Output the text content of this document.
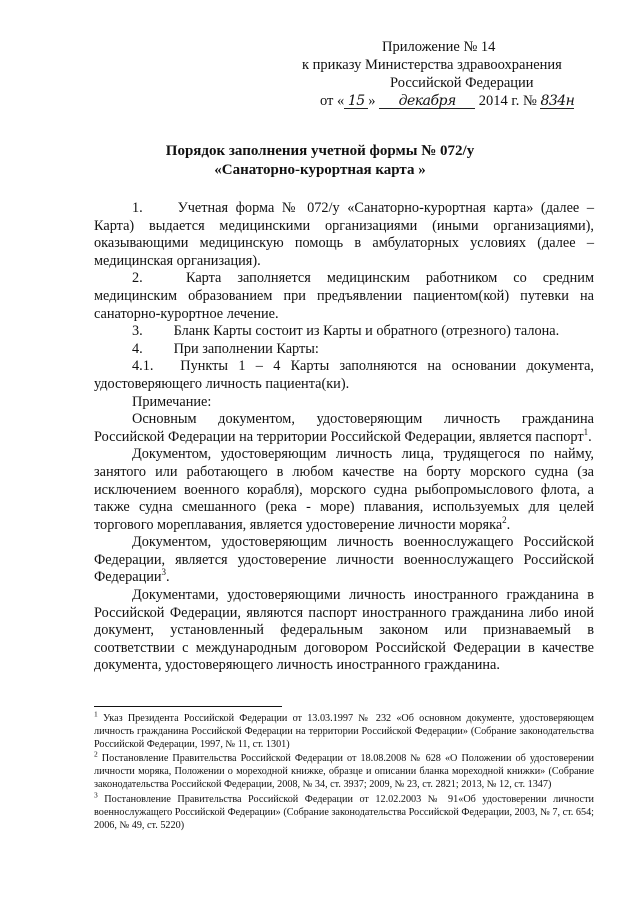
Приложение № 14
к приказу Министерства здравоохранения
Российской Федерации
от « 15 » декабря 2014 г. № 834н
Порядок заполнения учетной формы № 072/у
«Санаторно-курортная карта »

1. Учетная форма № 072/у «Санаторно-курортная карта» (далее – Карта) выдается медицинскими организациями (иными организациями), оказывающими медицинскую помощь в амбулаторных условиях (далее – медицинская организация).

2.	Карта заполняется медицинским работником со средним медицинским образованием при предъявлении пациентом(кой) путевки на санаторно-курортное лечение.

3. Бланк Карты состоит из Карты и обратного (отрезного) талона.

4. При заполнении Карты:

4.1. Пункты 1 – 4 Карты заполняются на основании документа, удостоверяющего личность пациента(ки).

Примечание:

Основным документом, удостоверяющим личность гражданина Российской Федерации на территории Российской Федерации, является паспорт$^1$.

Документом, удостоверяющим личность лица, трудящегося по найму, занятого или работающего в любом качестве на борту морского судна (за исключением военного корабля), морского судна рыбопромыслового флота, а также судна смешанного (река - море) плавания, используемых для целей торгового мореплавания, является удостоверение личности моряка$^2$.

Документом, удостоверяющим личность военнослужащего Российской Федерации, является удостоверение личности военнослужащего Российской Федерации$^3$.

Документами, удостоверяющими личность иностранного гражданина в Российской Федерации, являются паспорт иностранного гражданина либо иной документ, установленный федеральным законом или признаваемый в соответствии с международным договором Российской Федерации в качестве документа, удостоверяющего личность иностранного гражданина.

$^1$ Указ Президента Российской Федерации от 13.03.1997 № 232 «Об основном документе, удостоверяющем личность гражданина Российской Федерации на территории Российской Федерации» (Собрание законодательства Российской Федерации, 1997, № 11, ст. 1301)

$^2$ Постановление Правительства Российской Федерации от 18.08.2008 № 628 «О Положении об удостоверении личности моряка, Положении о мореходной книжке, образце и описании бланка мореходной книжки» (Собрание законодательства Российской Федерации, 2008, № 34, ст. 3937; 2009, № 23, ст. 2821; 2013, № 12, ст. 1347)

$^3$ Постановление Правительства Российской Федерации от 12.02.2003 № 91«Об удостоверении личности военнослужащего Российской Федерации» (Собрание законодательства Российской Федерации, 2003, № 7, ст. 654; 2006, № 49, ст. 5220)
